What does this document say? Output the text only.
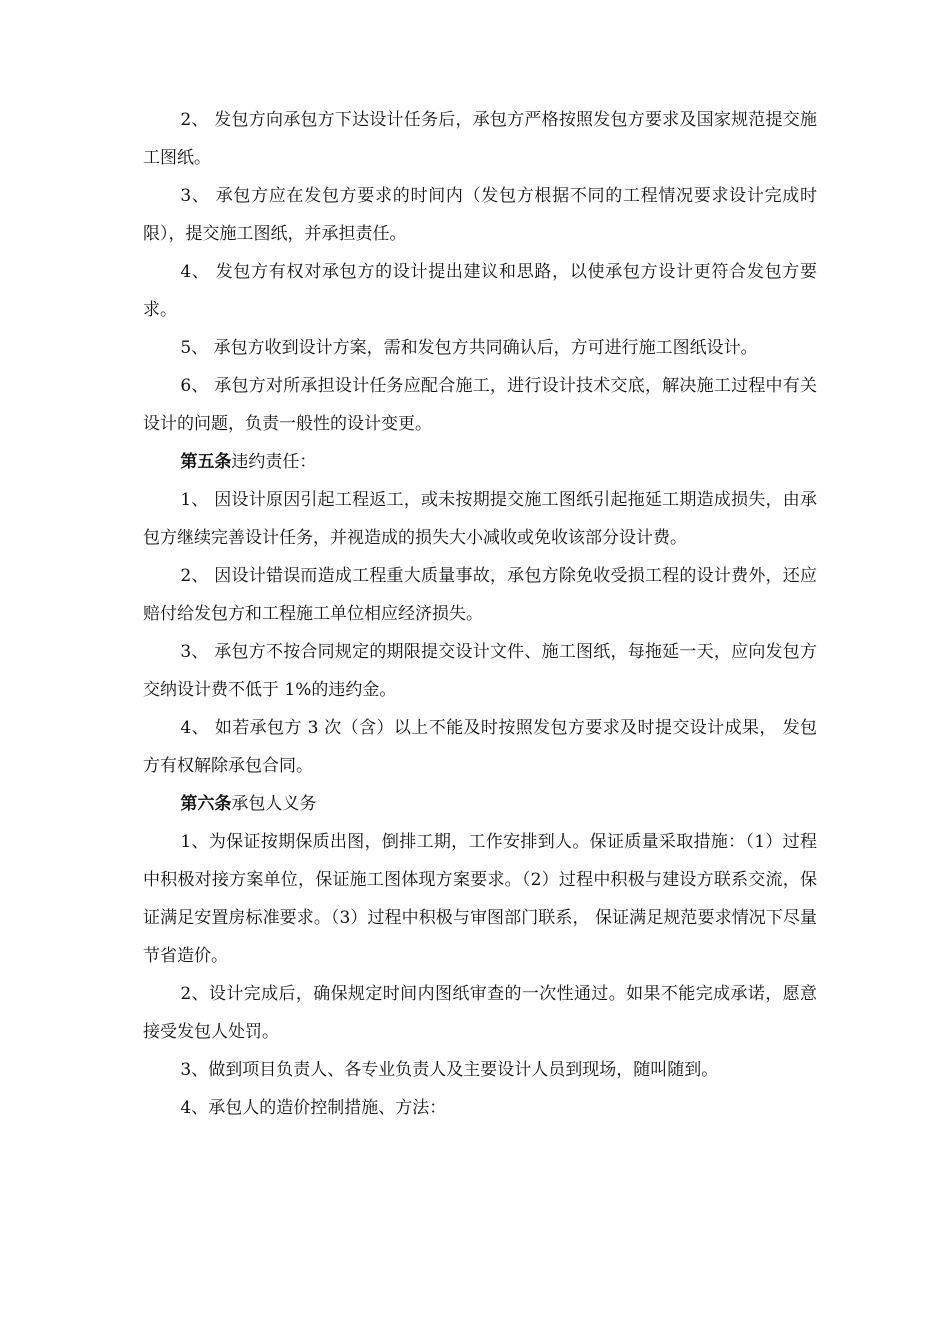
2、 发包方向承包方下达设计任务后，承包方严格按照发包方要求及国家规范提交施工图纸。

3、 承包方应在发包方要求的时间内（发包方根据不同的工程情况要求设计完成时限），提交施工图纸，并承担责任。

4、 发包方有权对承包方的设计提出建议和思路，以使承包方设计更符合发包方要求。

5、 承包方收到设计方案，需和发包方共同确认后，方可进行施工图纸设计。

6、 承包方对所承担设计任务应配合施工，进行设计技术交底，解决施工过程中有关设计的问题，负责一般性的设计变更。

第五条违约责任：

1、 因设计原因引起工程返工，或未按期提交施工图纸引起拖延工期造成损失，由承包方继续完善设计任务，并视造成的损失大小减收或免收该部分设计费。

2、 因设计错误而造成工程重大质量事故，承包方除免收受损工程的设计费外，还应赔付给发包方和工程施工单位相应经济损失。

3、 承包方不按合同规定的期限提交设计文件、施工图纸，每拖延一天，应向发包方交纳设计费不低于 1%的违约金。

4、 如若承包方 3 次（含）以上不能及时按照发包方要求及时提交设计成果， 发包方有权解除承包合同。

第六条承包人义务

1、为保证按期保质出图，倒排工期，工作安排到人。保证质量采取措施：（1）过程中积极对接方案单位，保证施工图体现方案要求。（2）过程中积极与建设方联系交流，保证满足安置房标准要求。（3）过程中积极与审图部门联系， 保证满足规范要求情况下尽量节省造价。

2、设计完成后，确保规定时间内图纸审查的一次性通过。如果不能完成承诺，愿意接受发包人处罚。

3、做到项目负责人、各专业负责人及主要设计人员到现场，随叫随到。

4、承包人的造价控制措施、方法：
